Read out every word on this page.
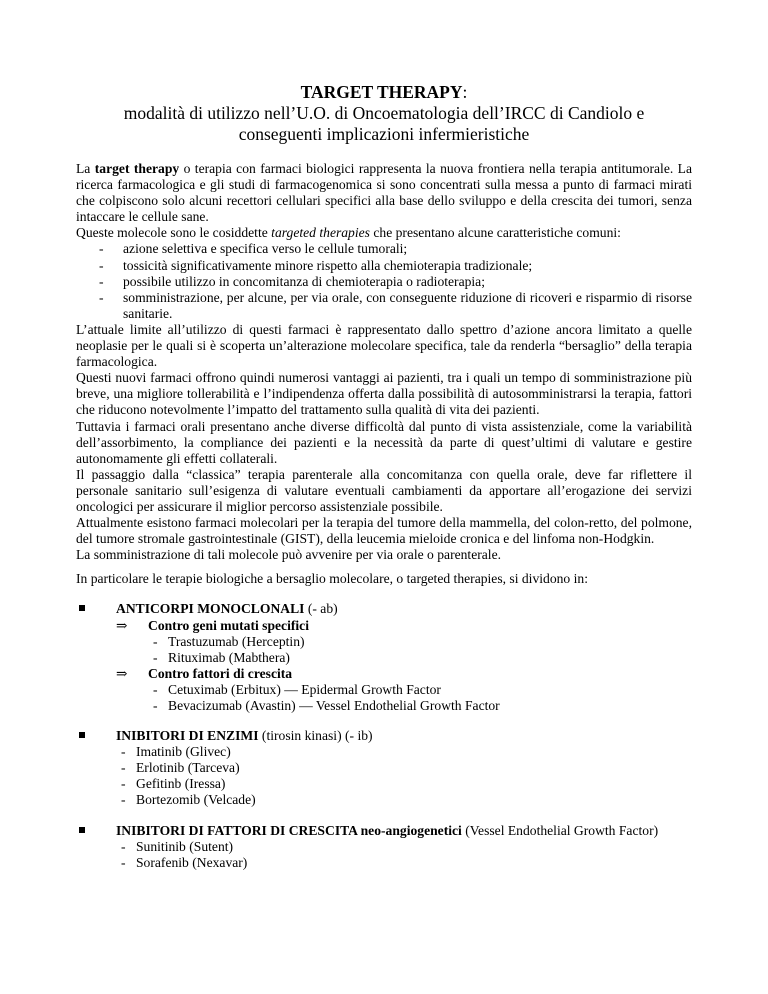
TARGET THERAPY:
modalità di utilizzo nell’U.O. di Oncoematologia dell’IRCC di Candiolo e
conseguenti implicazioni infermieristiche

La target therapy o terapia con farmaci biologici rappresenta la nuova frontiera nella terapia antitumorale. La ricerca farmacologica e gli studi di farmacogenomica si sono concentrati sulla messa a punto di farmaci mirati che colpiscono solo alcuni recettori cellulari specifici alla base dello sviluppo e della crescita dei tumori, senza intaccare le cellule sane.

Queste molecole sono le cosiddette targeted therapies che presentano alcune caratteristiche comuni:

- azione selettiva e specifica verso le cellule tumorali;
- tossicità significativamente minore rispetto alla chemioterapia tradizionale;
- possibile utilizzo in concomitanza di chemioterapia o radioterapia;
- somministrazione, per alcune, per via orale, con conseguente riduzione di ricoveri e risparmio di risorse sanitarie.

L’attuale limite all’utilizzo di questi farmaci è rappresentato dallo spettro d’azione ancora limitato a quelle neoplasie per le quali si è scoperta un’alterazione molecolare specifica, tale da renderla “bersaglio” della terapia farmacologica.

Questi nuovi farmaci offrono quindi numerosi vantaggi ai pazienti, tra i quali un tempo di somministrazione più breve, una migliore tollerabilità e l’indipendenza offerta dalla possibilità di autosomministrarsi la terapia, fattori che riducono notevolmente l’impatto del trattamento sulla qualità di vita dei pazienti.

Tuttavia i farmaci orali presentano anche diverse difficoltà dal punto di vista assistenziale, come la variabilità dell’assorbimento, la compliance dei pazienti e la necessità da parte di quest’ultimi di valutare e gestire autonomamente gli effetti collaterali.

Il passaggio dalla “classica” terapia parenterale alla concomitanza con quella orale, deve far riflettere il personale sanitario sull’esigenza di valutare eventuali cambiamenti da apportare all’erogazione dei servizi oncologici per assicurare il miglior percorso assistenziale possibile.

Attualmente esistono farmaci molecolari per la terapia del tumore della mammella, del colon-retto, del polmone, del tumore stromale gastrointestinale (GIST), della leucemia mieloide cronica e del linfoma non-Hodgkin.

La somministrazione di tali molecole può avvenire per via orale o parenterale.

In particolare le terapie biologiche a bersaglio molecolare, o targeted therapies, si dividono in:

ANTICORPI MONOCLONALI (- ab)
⇒ Contro geni mutati specifici
- Trastuzumab (Herceptin)
- Rituximab (Mabthera)
⇒ Contro fattori di crescita
- Cetuximab (Erbitux) — Epidermal Growth Factor
- Bevacizumab (Avastin) — Vessel Endothelial Growth Factor
INIBITORI DI ENZIMI (tirosin kinasi) (- ib)
- Imatinib (Glivec)
- Erlotinib (Tarceva)
- Gefitinb (Iressa)
- Bortezomib (Velcade)
INIBITORI DI FATTORI DI CRESCITA neo-angiogenetici (Vessel Endothelial Growth Factor)
- Sunitinib (Sutent)
- Sorafenib (Nexavar)
